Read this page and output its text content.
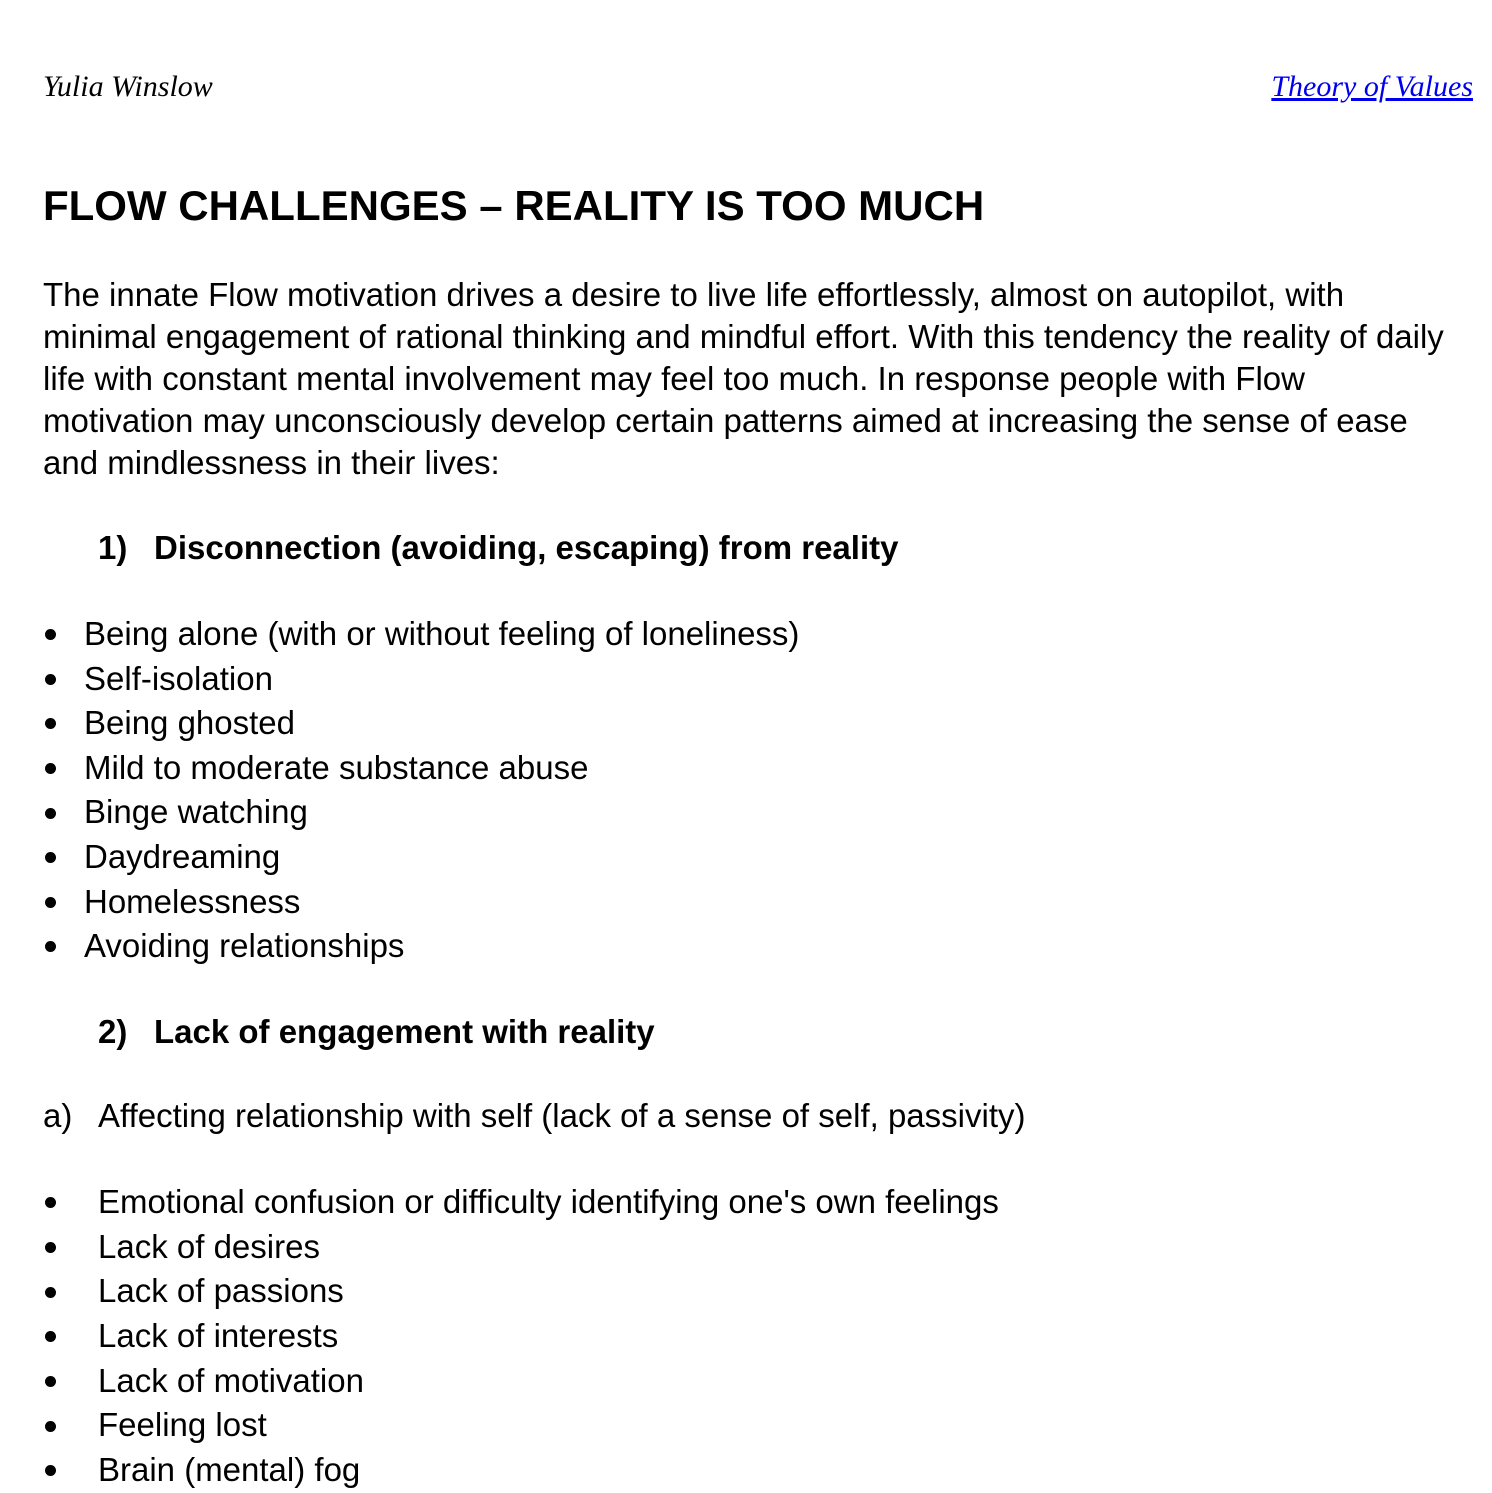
Yulia Winslow	Theory of Values
FLOW CHALLENGES – REALITY IS TOO MUCH

The innate Flow motivation drives a desire to live life effortlessly, almost on autopilot, with minimal engagement of rational thinking and mindful effort. With this tendency the reality of daily life with constant mental involvement may feel too much. In response people with Flow motivation may unconsciously develop certain patterns aimed at increasing the sense of ease and mindlessness in their lives:

1) Disconnection (avoiding, escaping) from reality
Being alone (with or without feeling of loneliness)
Self-isolation
Being ghosted
Mild to moderate substance abuse
Binge watching
Daydreaming
Homelessness
Avoiding relationships
2) Lack of engagement with reality

a) Affecting relationship with self (lack of a sense of self, passivity)

Emotional confusion or difficulty identifying one's own feelings
Lack of desires
Lack of passions
Lack of interests
Lack of motivation
Feeling lost
Brain (mental) fog
